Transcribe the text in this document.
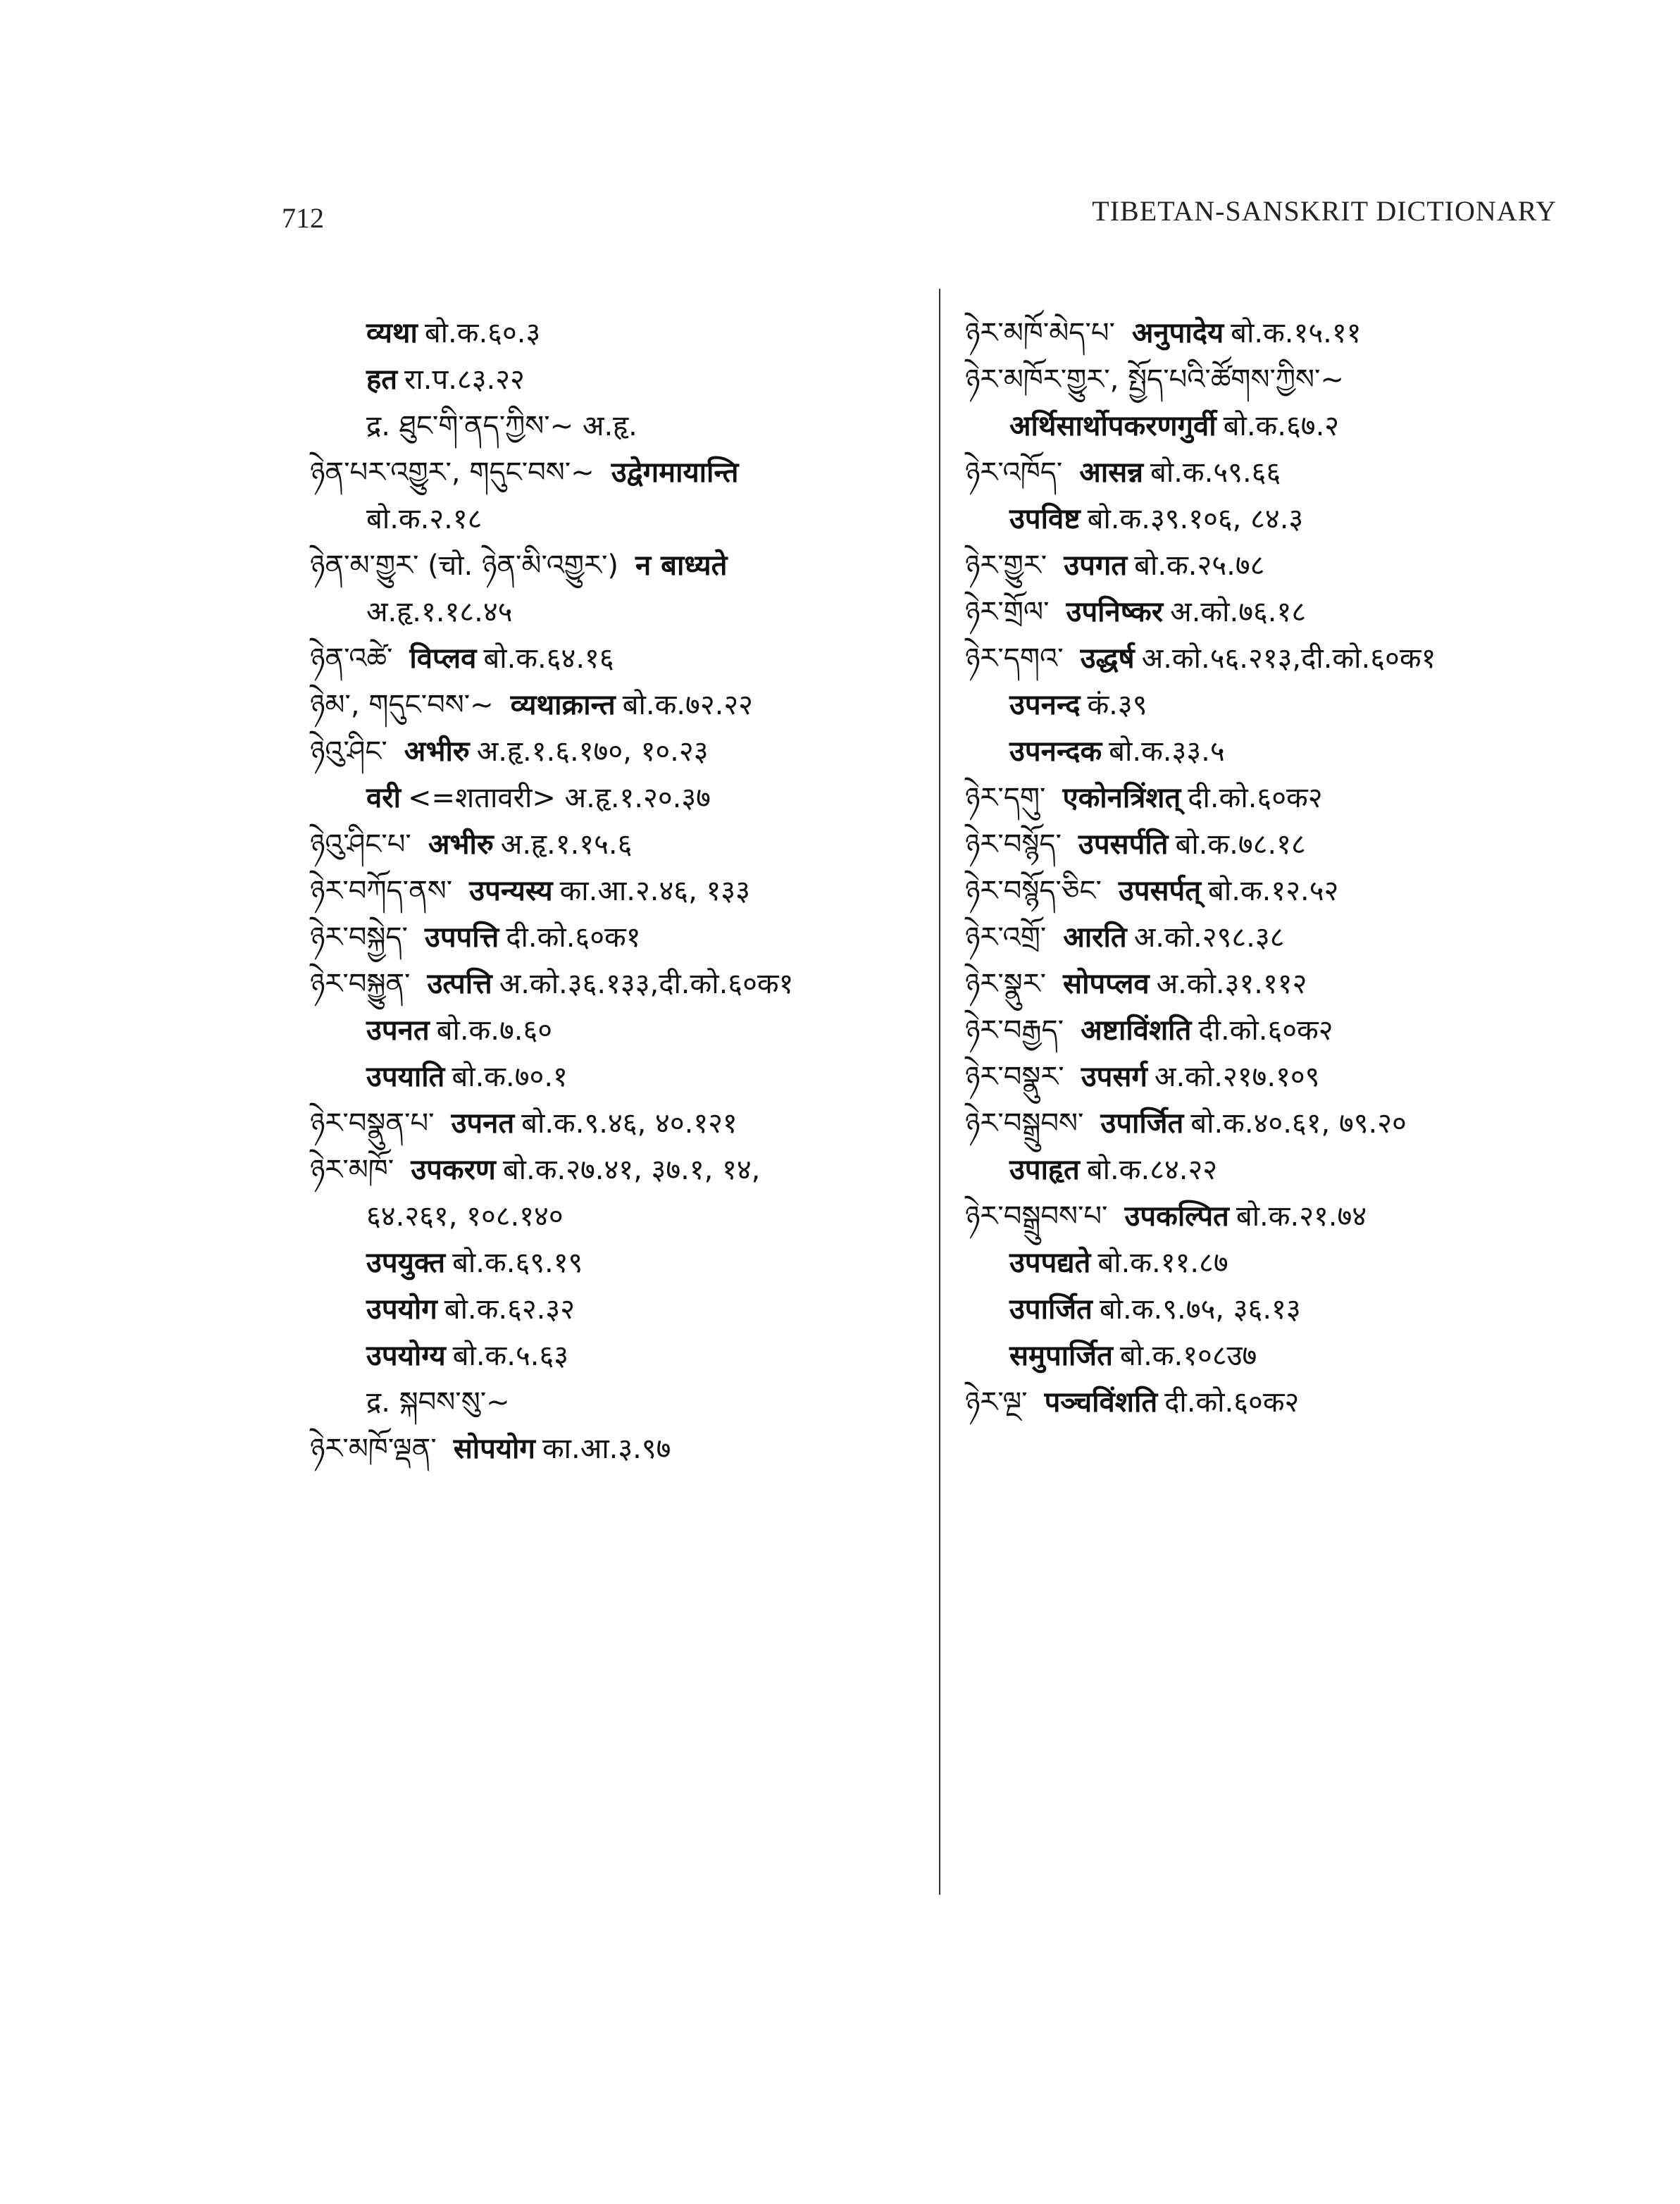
712	TIBETAN-SANSKRIT DICTIONARY
व्यथा बो.क.६०.३
हत रा.प.८३.२२
द्र. ཐུང་གི་ནད་ཀྱིས་~ अ.हृ.
ཉེན་པར་འགྱུར་, གདུང་བས་~ उद्वेगमायान्ति
बो.क.२.१८
ཉེན་མ་གྱུར་ (चो. ཉེན་མི་འགྱུར་) न बाध्यते
अ.हृ.१.१८.४५
ཉེན་འཚེ་ विप्लव बो.क.६४.१६
ཉེམ་, གདུང་བས་~ व्यथाक्रान्त बो.क.७२.२२
ཉེའུ་ཤིང་ अभीरु अ.हृ.१.६.१७०, १०.२३
वरी <=शतावरी> अ.हृ.१.२०.३७
ཉེའུ་ཤིང་པ་ अभीरु अ.हृ.१.१५.६
ཉེར་བཀོད་ནས་ उपन्यस्य का.आ.२.४६, १३३
ཉེར་བསྐྱེད་ उपपत्ति दी.को.६०क१
ཉེར་བསྐྱུན་ उत्पत्ति अ.को.३६.१३३,दी.को.६०क१
उपनत बो.क.७.६०
उपयाति बो.क.७०.१
ཉེར་བསྣུན་པ་ उपनत बो.क.९.४६, ४०.१२१
ཉེར་མཁོ་ उपकरण बो.क.२७.४१, ३७.१, १४,
६४.२६१, १०८.१४०
उपयुक्त बो.क.६९.१९
उपयोग बो.क.६२.३२
उपयोग्य बो.क.५.६३
द्र. སྐབས་སུ་~
ཉེར་མཁོ་ལྡན་ सोपयोग का.आ.३.९७
ཉེར་མཁོ་མེད་པ་ अनुपादेय बो.क.१५.११
ཉེར་མཁོར་གྱུར་, སྤྱོད་པའི་ཚོགས་ཀྱིས་~
अर्थिसार्थोपकरणगुर्वी बो.क.६७.२
ཉེར་འཁོད་ आसन्न बो.क.५९.६६
उपविष्ट बो.क.३९.१०६, ८४.३
ཉེར་གྱུར་ उपगत बो.क.२५.७८
ཉེར་གྲོལ་ उपनिष्कर अ.को.७६.१८
ཉེར་དགའ་ उद्धर्ष अ.को.५६.२१३,दी.को.६०क१
उपनन्द कं.३९
उपनन्दक बो.क.३३.५
ཉེར་དགུ་ एकोनत्रिंशत् दी.को.६०क२
ཉེར་བསྙོད་ उपसर्पति बो.क.७८.१८
ཉེར་བསྙོད་ཅིང་ उपसर्पत् बो.क.१२.५२
ཉེར་འགྲོ་ आरति अ.को.२९८.३८
ཉེར་སྣུར་ सोपप्लव अ.को.३१.११२
ཉེར་བརྒྱད་ अष्टाविंशति दी.को.६०क२
ཉེར་བསྣུར་ उपसर्ग अ.को.२१७.१०९
ཉེར་བསྒྲུབས་ उपार्जित बो.क.४०.६१, ७९.२०
उपाहृत बो.क.८४.२२
ཉེར་བསྒྲུབས་པ་ उपकल्पित बो.क.२१.७४
उपपद्यते बो.क.११.८७
उपार्जित बो.क.९.७५, ३६.१३
समुपार्जित बो.क.१०८उ७
ཉེར་ལྔ་ पञ्चविंशति दी.को.६०क२
